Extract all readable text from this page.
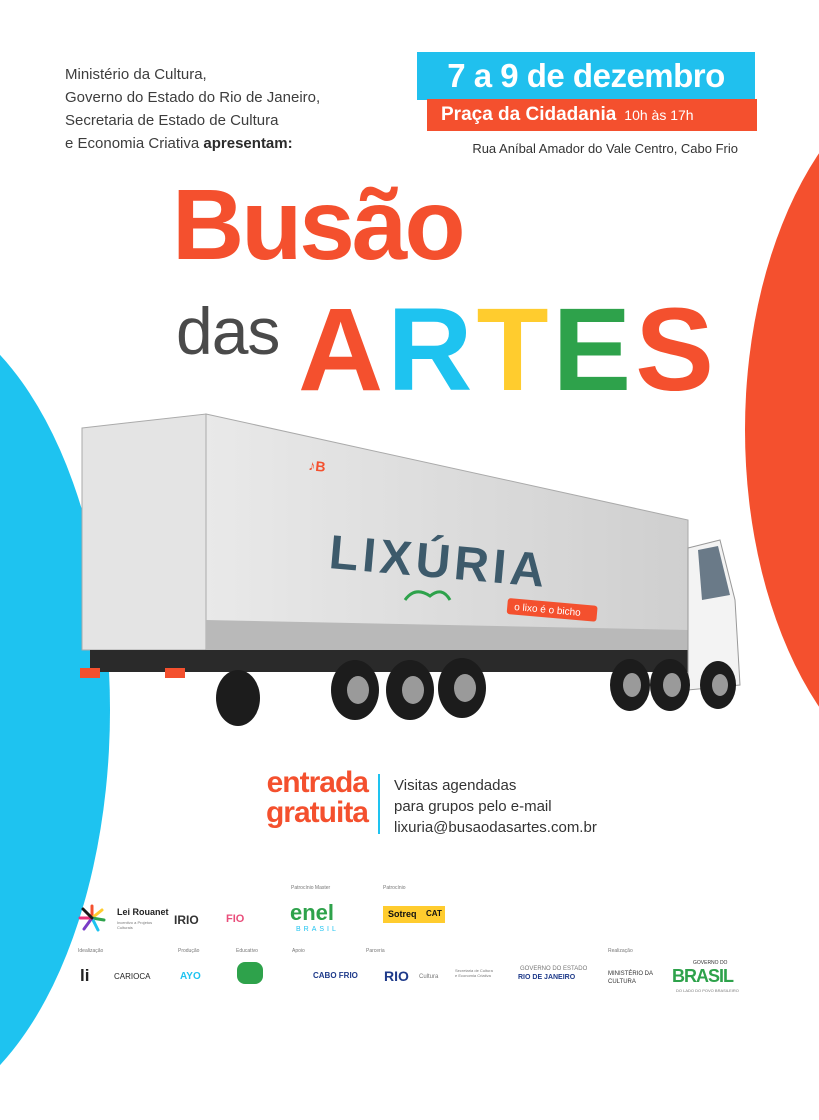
Ministério da Cultura,
Governo do Estado do Rio de Janeiro,
Secretaria de Estado de Cultura
e Economia Criativa apresentam:
7 a 9 de dezembro
Praça da Cidadania 10h às 17h
Rua Aníbal Amador do Vale Centro, Cabo Frio
Busão
das ARTES
♪B
LIXÚRIA
o lixo é o bicho
entrada
gratuita
Visitas agendadas
para grupos pelo e-mail
lixuria@busaodasartes.com.br
Lei Rouanet
Incentivo a Projetos Culturais
IRIO FIO
Patrocínio Master
enel
BRASIL
Patrocínio
Sotreq CAT
Idealização
li	CARIOCA
Produção
AYO
Educativo	Apoio
CABO FRIO
Parceria
RIO Cultura
Secretaria de Cultura e Economia Criativa
GOVERNO DO ESTADO
RIO DE JANEIRO
Realização
MINISTÉRIO DA CULTURA
GOVERNO DO
BRASIL
DO LADO DO POVO BRASILEIRO
